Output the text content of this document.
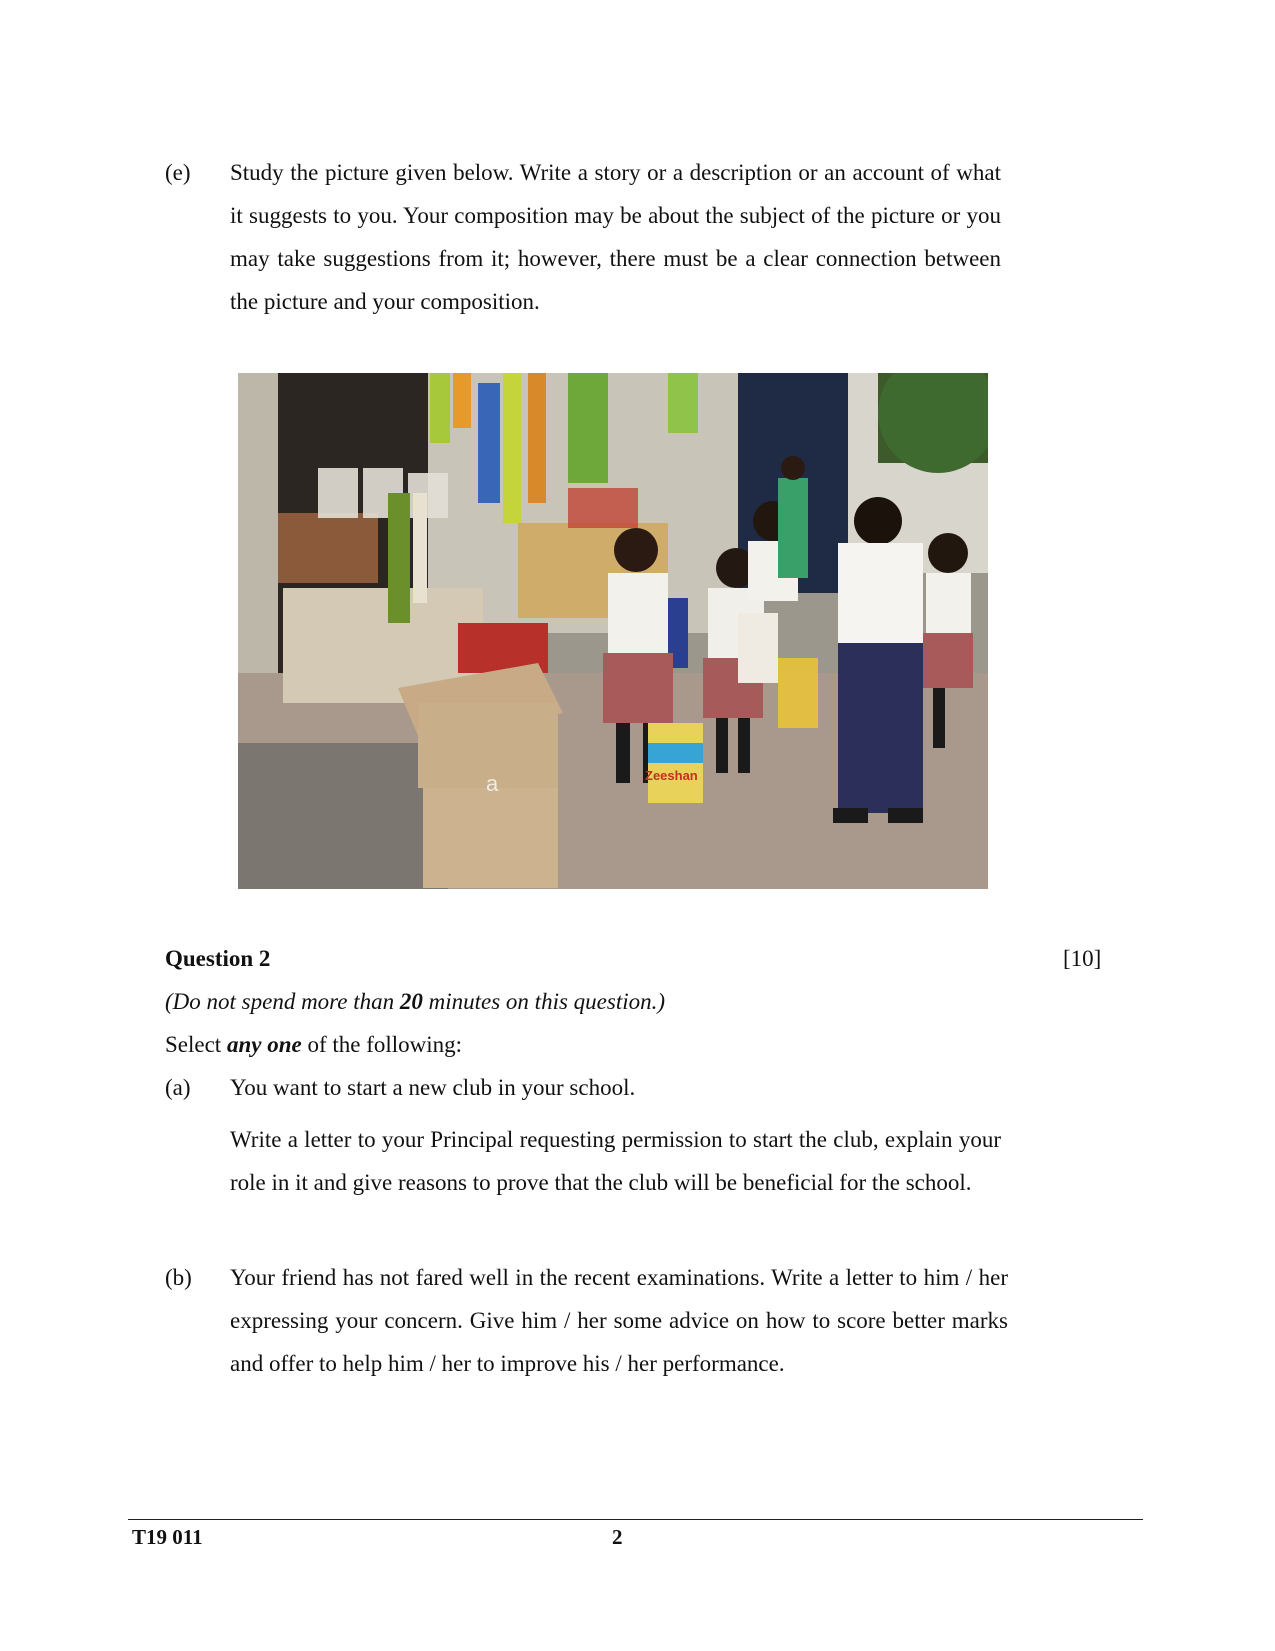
(e) Study the picture given below. Write a story or a description or an account of what it suggests to you. Your composition may be about the subject of the picture or you may take suggestions from it; however, there must be a clear connection between the picture and your composition.
Zeeshan
a
Question 2	[10]
(Do not spend more than 20 minutes on this question.)
Select any one of the following:
(a) You want to start a new club in your school.
Write a letter to your Principal requesting permission to start the club, explain your role in it and give reasons to prove that the club will be beneficial for the school.
(b) Your friend has not fared well in the recent examinations. Write a letter to him / her expressing your concern. Give him / her some advice on how to score better marks and offer to help him / her to improve his / her performance.
T19 011	2
